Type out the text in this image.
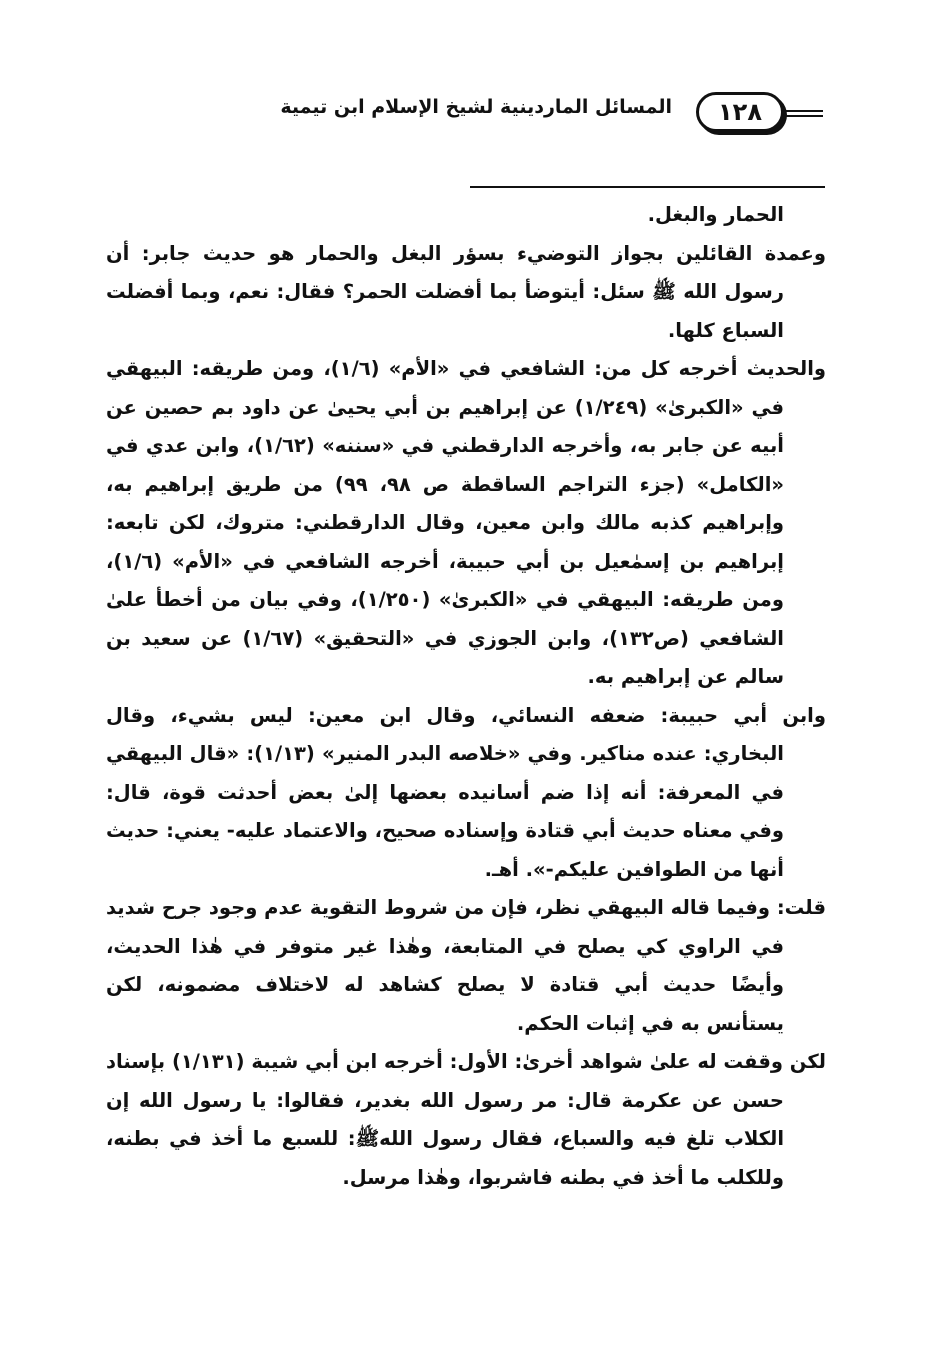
المسائل الماردينية لشيخ الإسلام ابن تيمية	١٢٨

الحمار والبغل.

وعمدة القائلين بجواز التوضيء بسؤر البغل والحمار هو حديث جابر: أن رسول الله ﷺ سئل: أيتوضأ بما أفضلت الحمر؟ فقال: نعم، وبما أفضلت السباع كلها.

والحديث أخرجه كل من: الشافعي في «الأم» (١/٦)، ومن طريقه: البيهقي في «الكبرىٰ» (١/٢٤٩) عن إبراهيم بن أبي يحيىٰ عن داود بم حصين عن أبيه عن جابر به، وأخرجه الدارقطني في «سننه» (١/٦٢)، وابن عدي في «الكامل» (جزء التراجم الساقطة ص ٩٨، ٩٩) من طريق إبراهيم به، وإبراهيم كذبه مالك وابن معين، وقال الدارقطني: متروك، لكن تابعه: إبراهيم بن إسمٰعيل بن أبي حبيبة، أخرجه الشافعي في «الأم» (١/٦)، ومن طريقه: البيهقي في «الكبرىٰ» (١/٢٥٠)، وفي بيان من أخطأ علىٰ الشافعي (ص١٣٢)، وابن الجوزي في «التحقيق» (١/٦٧) عن سعيد بن سالم عن إبراهيم به.

وابن أبي حبيبة: ضعفه النسائي، وقال ابن معين: ليس بشيء، وقال البخاري: عنده مناكير. وفي «خلاصه البدر المنير» (١/١٣): «قال البيهقي في المعرفة: أنه إذا ضم أسانيده بعضها إلىٰ بعض أحدثت قوة، قال: وفي معناه حديث أبي قتادة وإسناده صحيح، والاعتماد عليه- يعني: حديث أنها من الطوافين عليكم-». أهـ.

قلت: وفيما قاله البيهقي نظر، فإن من شروط التقوية عدم وجود جرح شديد في الراوي كي يصلح في المتابعة، وهٰذا غير متوفر في هٰذا الحديث، وأيضًا حديث أبي قتادة لا يصلح كشاهد له لاختلاف مضمونه، لكن يستأنس به في إثبات الحكم.

لكن وقفت له علىٰ شواهد أخرىٰ: الأول: أخرجه ابن أبي شيبة (١/١٣١) بإسناد حسن عن عكرمة قال: مر رسول الله بغدير، فقالوا: يا رسول الله إن الكلاب تلغ فيه والسباع، فقال رسول اللهﷺ: للسبع ما أخذ في بطنه، وللكلب ما أخذ في بطنه فاشربوا، وهٰذا مرسل.
